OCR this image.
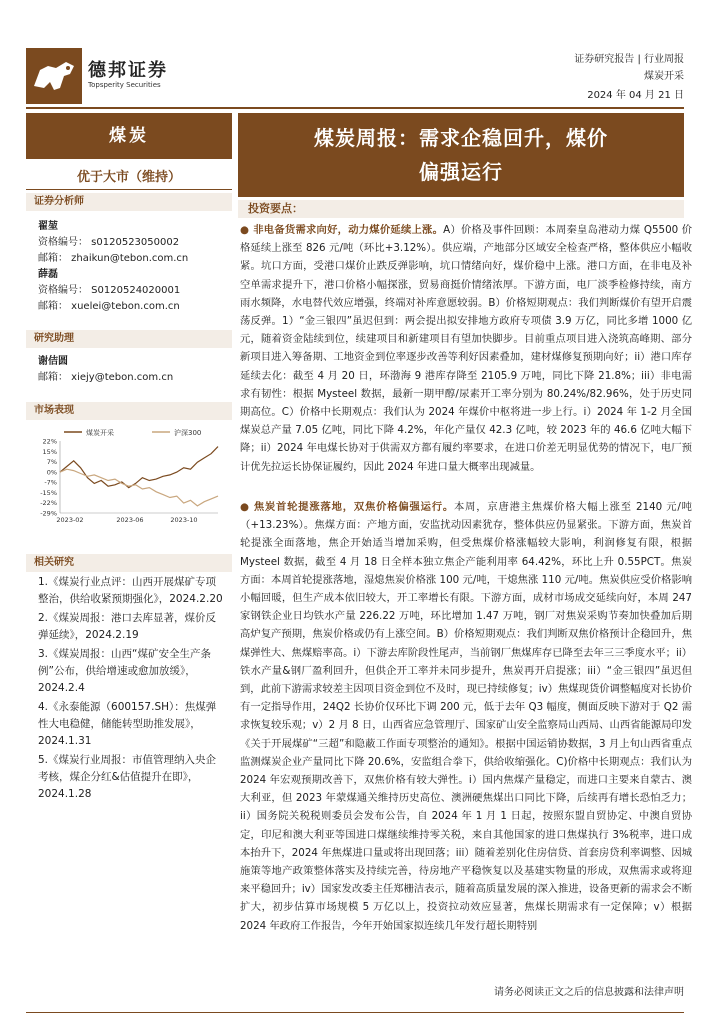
德邦证券
Topsperity Securities
证券研究报告 | 行业周报
煤炭开采
2024 年 04 月 21 日
煤炭
优于大市（维持）
证券分析师
翟堃
资格编号： s0120523050002
邮箱： zhaikun@tebon.com.cn
薛磊
资格编号： S0120524020001
邮箱： xuelei@tebon.com.cn
研究助理
谢佶圆
邮箱： xiejy@tebon.com.cn
市场表现
煤炭开采	沪深300
22%
15%
7%
0%
-7%
-15%
-22%
-29%
2023-02	2023-06	2023-10
相关研究
1.《煤炭行业点评：山西开展煤矿专项整治，供给收紧预期强化》，2024.2.20
2.《煤炭周报：港口去库显著，煤价反弹延续》，2024.2.19
3.《煤炭周报：山西“煤矿安全生产条例”公布，供给增速或愈加放缓》，2024.2.4
4.《永泰能源（600157.SH）：焦煤弹性大电稳健，储能转型助推发展》，2024.1.31
5.《煤炭行业周报：市值管理纳入央企考核，煤企分红&估值提升在即》，2024.1.28
煤炭周报：需求企稳回升，煤价
偏强运行
投资要点：
● 非电备货需求向好，动力煤价延续上涨。A）价格及事件回顾：本周秦皇岛港动力煤 Q5500 价格延续上涨至 826 元/吨（环比+3.12%）。供应端，产地部分区域安全检查严格，整体供应小幅收紧。坑口方面，受港口煤价止跌反弹影响，坑口情绪向好，煤价稳中上涨。港口方面，在非电及补空单需求提升下，港口价格小幅探涨，贸易商挺价情绪浓厚。下游方面，电厂淡季检修持续，南方雨水频降，水电替代效应增强，终端对补库意愿较弱。B）价格短期观点：我们判断煤价有望开启震荡反弹。1）“金三银四”虽迟但到：两会提出拟安排地方政府专项债 3.9 万亿，同比多增 1000 亿元，随着资金陆续到位，续建项目和新建项目有望加快脚步。目前重点项目进入浇筑高峰期、部分新项目进入筹备期、工地资金到位率逐步改善等利好因素叠加，建材煤修复预期向好；ii）港口库存延续去化：截至 4 月 20 日，环渤海 9 港库存降至 2105.9 万吨，同比下降 21.8%；iii）非电需求有韧性：根据 Mysteel 数据，最新一期甲醇/尿素开工率分别为 80.24%/82.96%，处于历史同期高位。C）价格中长期观点：我们认为 2024 年煤价中枢将进一步上行。i）2024 年 1-2 月全国煤炭总产量 7.05 亿吨，同比下降 4.2%，年化产量仅 42.3 亿吨，较 2023 年的 46.6 亿吨大幅下降；ii）2024 年电煤长协对于供需双方都有履约率要求，在进口价差无明显优势的情况下，电厂预计优先拉运长协保证履约，因此 2024 年进口量大概率出现减量。
● 焦炭首轮提涨落地，双焦价格偏强运行。本周，京唐港主焦煤价格大幅上涨至 2140 元/吨（+13.23%）。焦煤方面：产地方面，安监扰动因素犹存，整体供应仍显紧张。下游方面，焦炭首轮提涨全面落地，焦企开始适当增加采购，但受焦煤价格涨幅较大影响，利润修复有限，根据 Mysteel 数据，截至 4 月 18 日全样本独立焦企产能利用率 64.42%，环比上升 0.55PCT。焦炭方面：本周首轮提涨落地，湿熄焦炭价格涨 100 元/吨，干熄焦涨 110 元/吨。焦炭供应受价格影响小幅回暖，但生产成本依旧较大，开工率增长有限。下游方面，成材市场成交延续向好，本周 247 家钢铁企业日均铁水产量 226.22 万吨，环比增加 1.47 万吨，钢厂对焦炭采购节奏加快叠加后期高炉复产预期，焦炭价格或仍有上涨空间。B）价格短期观点：我们判断双焦价格预计企稳回升，焦煤弹性大、焦煤赔率高。i）下游去库阶段性尾声，当前钢厂焦煤库存已降至去年三三季度水平；ii）铁水产量&钢厂盈利回升，但供企开工率并未同步提升，焦炭再开启提涨；iii）“金三银四”虽迟但到，此前下游需求较差主因项目资金到位不及时，现已持续修复；iv）焦煤现货价调整幅度对长协价有一定指导作用，24Q2 长协价仅环比下调 200 元，低于去年 Q3 幅度，侧面反映下游对于 Q2 需求恢复较乐观；v）2 月 8 日，山西省应急管理厅、国家矿山安全监察局山西局、山西省能源局印发《关于开展煤矿“三超”和隐蔽工作面专项整治的通知》。根据中国运销协数据，3 月上旬山西省重点监测煤炭企业产量同比下降 20.6%，安监组合拳下，供给收缩强化。C)价格中长期观点：我们认为 2024 年宏观预期改善下，双焦价格有较大弹性。i）国内焦煤产量稳定，而进口主要来自蒙古、澳大利亚，但 2023 年蒙煤通关维持历史高位、澳洲硬焦煤出口同比下降，后续再有增长恐怕乏力；ii）国务院关税税则委员会发布公告，自 2024 年 1 月 1 日起，按照东盟自贸协定、中澳自贸协定，印尼和澳大利亚等国进口煤继续维持零关税，来自其他国家的进口焦煤执行 3%税率，进口成本抬升下，2024 年焦煤进口量或将出现回落；iii）随着差别化住房信贷、首套房贷利率调整、因城施策等地产政策整体落实及持续完善，待房地产平稳恢复以及基建实物量的形成，双焦需求或将迎来平稳回升；iv）国家发改委主任郑栅洁表示，随着高质量发展的深入推进，设备更新的需求会不断扩大，初步估算市场规模 5 万亿以上，投资拉动效应显著，焦煤长期需求有一定保障；v）根据 2024 年政府工作报告，今年开始国家拟连续几年发行超长期特别
请务必阅读正文之后的信息披露和法律声明
